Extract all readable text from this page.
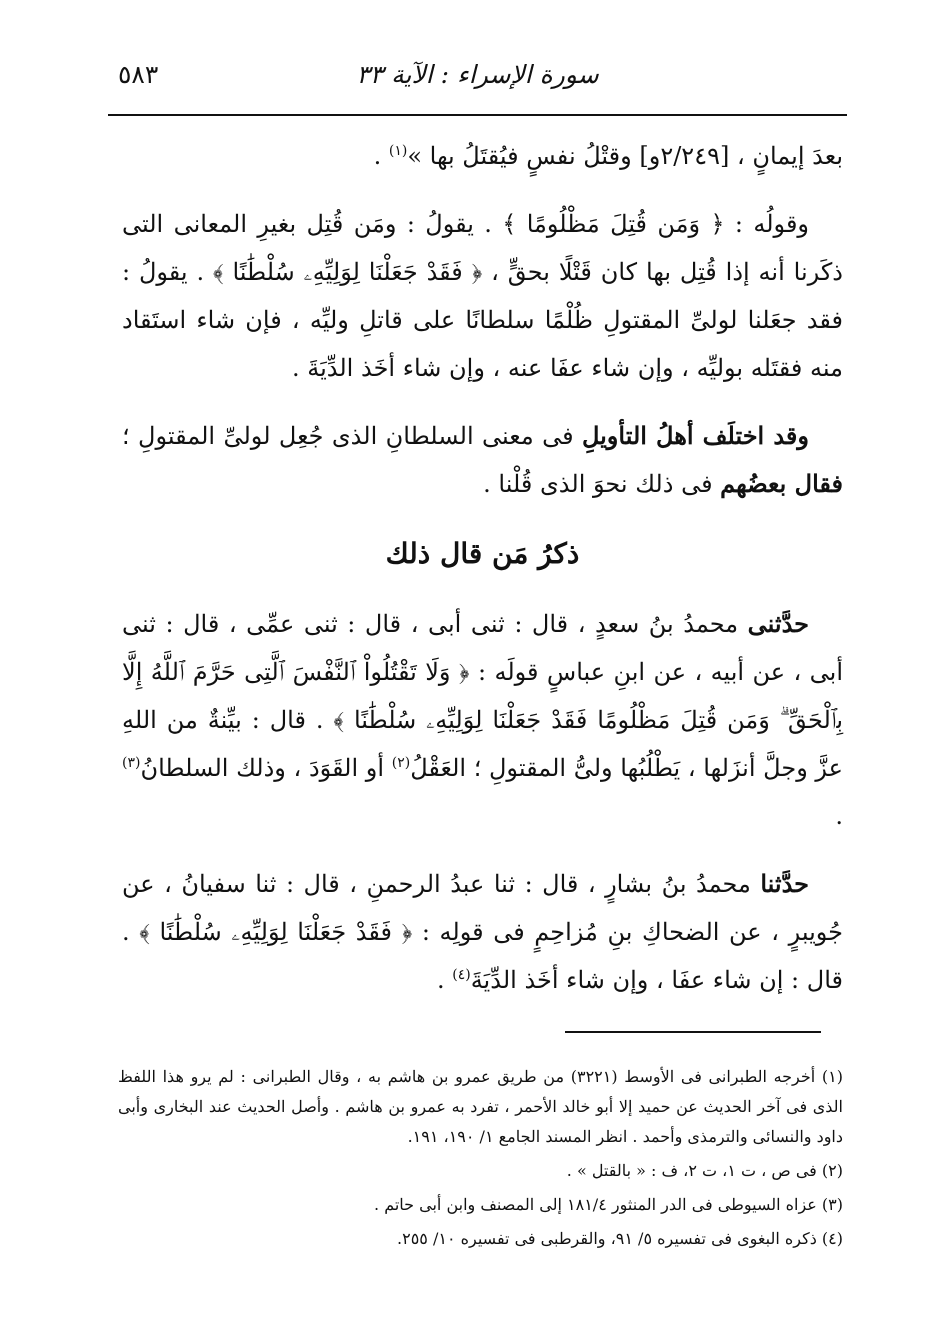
سورة الإسراء : الآية ٣٣
٥٨٣

بعدَ إيمانٍ ، [٢/٢٤٩و] وقتْلُ نفسٍ فيُقتَلُ بها »$^{(١)}$ .

وقولُه : ﴿ وَمَن قُتِلَ مَظْلُومًا ﴾ . يقولُ : ومَن قُتِل بغيرِ المعانى التى ذكَرنا أنه إذا قُتِل بها كان قَتْلًا بحقٍّ ، ﴿ فَقَدْ جَعَلْنَا لِوَلِيِّهِۦ سُلْطَٰنًا ﴾ . يقولُ : فقد جعَلنا لولىِّ المقتولِ ظُلْمًا سلطانًا على قاتلِ وليِّه ، فإن شاء استَقاد منه فقتَله بوليِّه ، وإن شاء عفَا عنه ، وإن شاء أخَذ الدِّيَةَ .

وقد اختلَف أهلُ التأويلِ فى معنى السلطانِ الذى جُعِل لولىِّ المقتولِ ؛ فقال بعضُهم فى ذلك نحوَ الذى قُلْنا .

ذكرُ مَن قال ذلك

حدَّثنى محمدُ بنُ سعدٍ ، قال : ثنى أبى ، قال : ثنى عمِّى ، قال : ثنى أبى ، عن أبيه ، عن ابنِ عباسٍ قولَه : ﴿ وَلَا تَقْتُلُواْ ٱلنَّفْسَ ٱلَّتِى حَرَّمَ ٱللَّهُ إِلَّا بِٱلْحَقِّ ۗ وَمَن قُتِلَ مَظْلُومًا فَقَدْ جَعَلْنَا لِوَلِيِّهِۦ سُلْطَٰنًا ﴾ . قال : بيِّنةٌ من اللهِ عزَّ وجلَّ أنزَلها ، يَطْلُبُها ولىُّ المقتولِ ؛ العَقْلُ$^{(٢)}$ أو القَوَدَ ، وذلك السلطانُ$^{(٣)}$ .

حدَّثنا محمدُ بنُ بشارٍ ، قال : ثنا عبدُ الرحمنِ ، قال : ثنا سفيانُ ، عن جُويبرٍ ، عن الضحاكِ بنِ مُزاحِمٍ فى قولِه : ﴿ فَقَدْ جَعَلْنَا لِوَلِيِّهِۦ سُلْطَٰنًا ﴾ . قال : إن شاء عفَا ، وإن شاء أخَذ الدِّيَةَ$^{(٤)}$ .

(١) أخرجه الطبرانى فى الأوسط (٣٢٢١) من طريق عمرو بن هاشم به ، وقال الطبرانى : لم يرو هذا اللفظ الذى فى آخر الحديث عن حميد إلا أبو خالد الأحمر ، تفرد به عمرو بن هاشم . وأصل الحديث عند البخارى وأبى داود والنسائى والترمذى وأحمد . انظر المسند الجامع ١/ ١٩٠، ١٩١.

(٢) فى ص ، ت ١، ت ٢، ف : « بالقتل » .

(٣) عزاه السيوطى فى الدر المنثور ١٨١/٤ إلى المصنف وابن أبى حاتم .

(٤) ذكره البغوى فى تفسيره ٥/ ٩١، والقرطبى فى تفسيره ١٠/ ٢٥٥.
